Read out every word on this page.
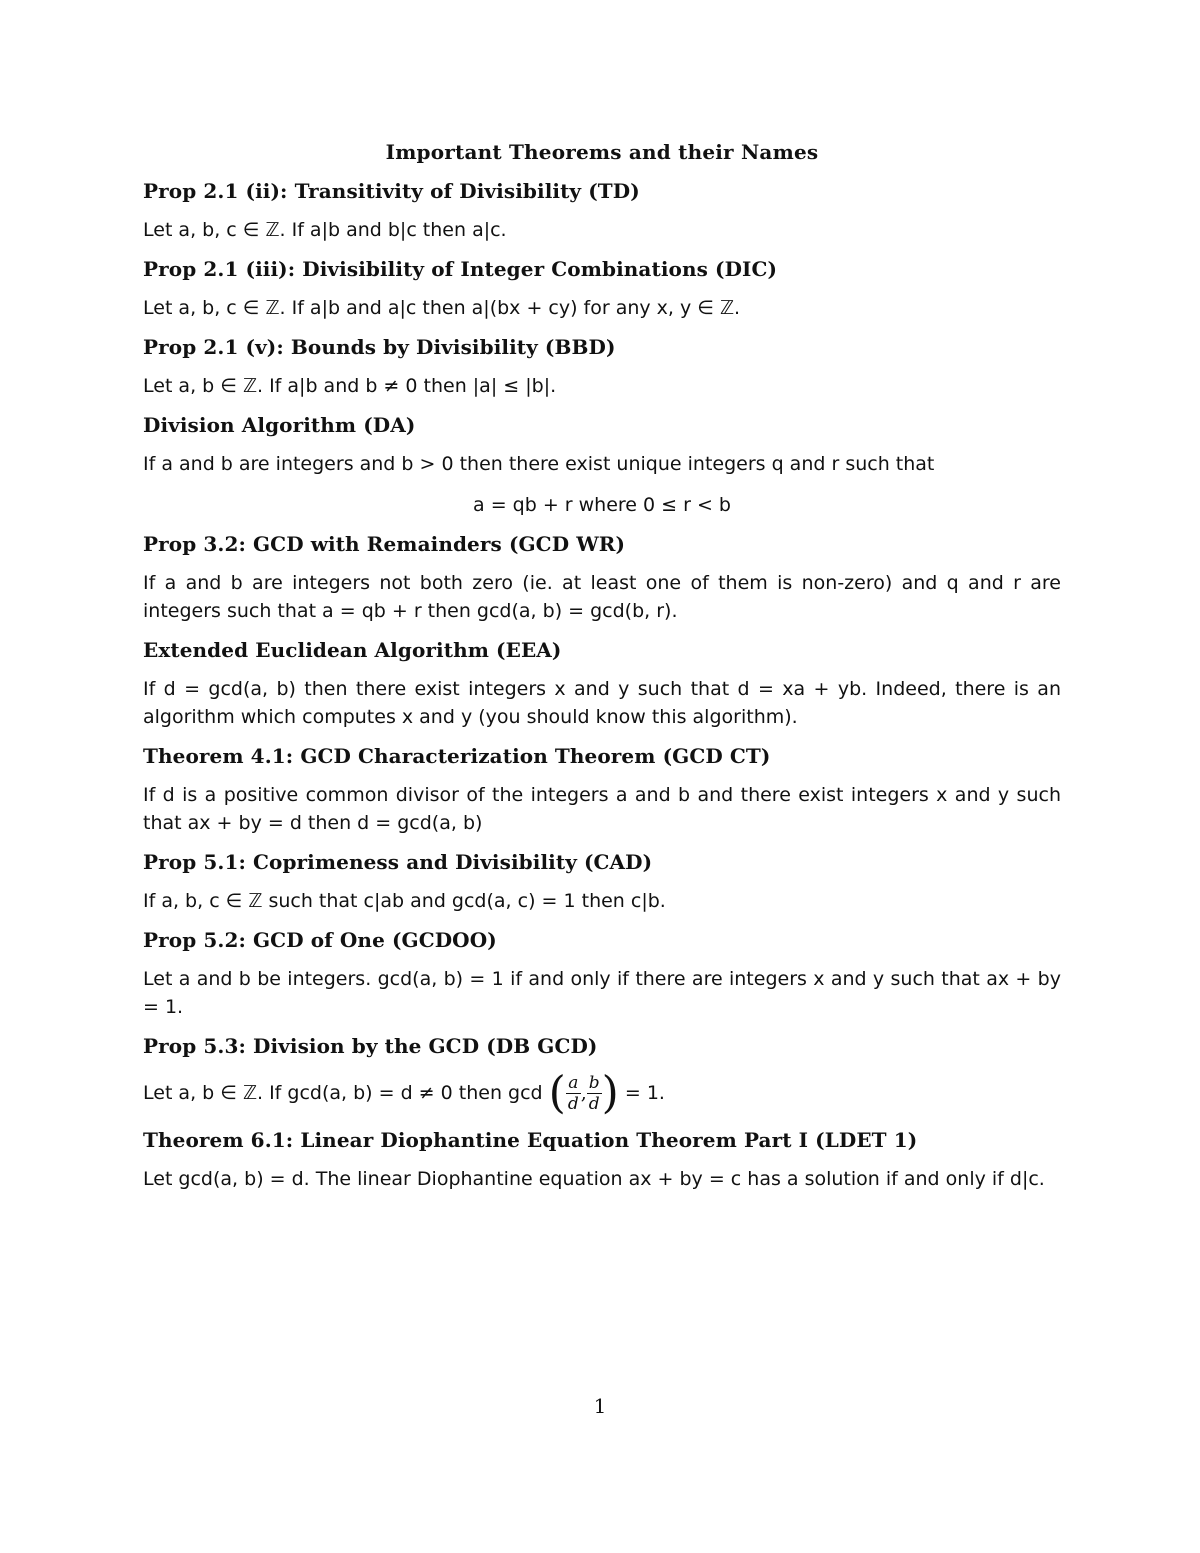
Important Theorems and their Names

Prop 2.1 (ii): Transitivity of Divisibility (TD)

Let a, b, c ∈ ℤ. If a|b and b|c then a|c.

Prop 2.1 (iii): Divisibility of Integer Combinations (DIC)

Let a, b, c ∈ ℤ. If a|b and a|c then a|(bx + cy) for any x, y ∈ ℤ.

Prop 2.1 (v): Bounds by Divisibility (BBD)

Let a, b ∈ ℤ. If a|b and b ≠ 0 then |a| ≤ |b|.

Division Algorithm (DA)

If a and b are integers and b > 0 then there exist unique integers q and r such that

a = qb + r where 0 ≤ r < b

Prop 3.2: GCD with Remainders (GCD WR)

If a and b are integers not both zero (ie. at least one of them is non-zero) and q and r are integers such that a = qb + r then gcd(a, b) = gcd(b, r).

Extended Euclidean Algorithm (EEA)

If d = gcd(a, b) then there exist integers x and y such that d = xa + yb. Indeed, there is an algorithm which computes x and y (you should know this algorithm).

Theorem 4.1: GCD Characterization Theorem (GCD CT)

If d is a positive common divisor of the integers a and b and there exist integers x and y such that ax + by = d then d = gcd(a, b)

Prop 5.1: Coprimeness and Divisibility (CAD)

If a, b, c ∈ ℤ such that c|ab and gcd(a, c) = 1 then c|b.

Prop 5.2: GCD of One (GCDOO)

Let a and b be integers. gcd(a, b) = 1 if and only if there are integers x and y such that ax + by = 1.

Prop 5.3: Division by the GCD (DB GCD)

Let a, b ∈ ℤ. If gcd(a, b) = d ≠ 0 then gcd ( $\frac{a}{d}$ , $\frac{b}{d}$ ) = 1.

Theorem 6.1: Linear Diophantine Equation Theorem Part I (LDET 1)

Let gcd(a, b) = d. The linear Diophantine equation ax + by = c has a solution if and only if d|c.

1
